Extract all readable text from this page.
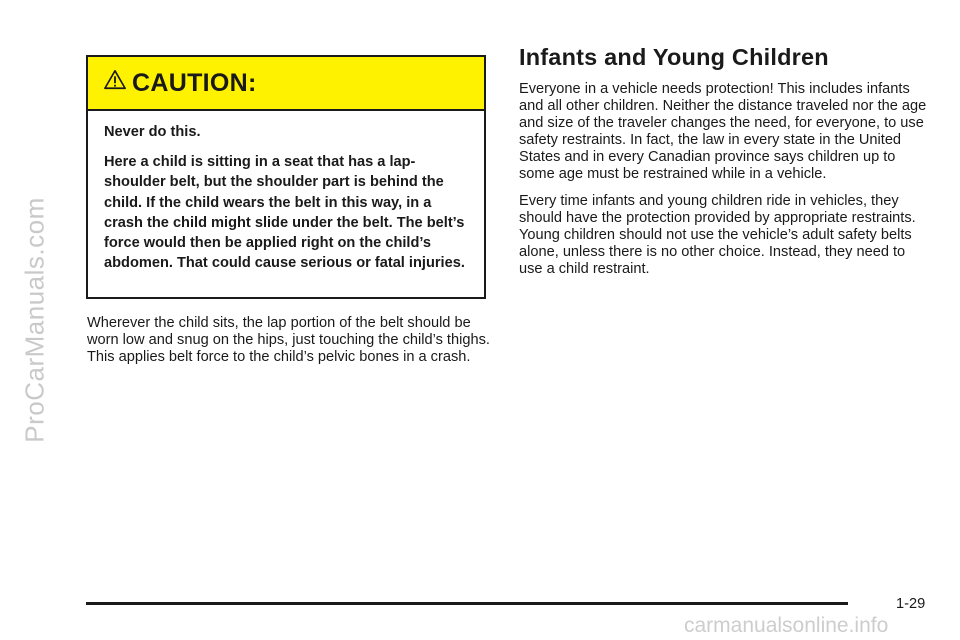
ProCarManuals.com
CAUTION:

Never do this.

Here a child is sitting in a seat that has a lap-shoulder belt, but the shoulder part is behind the child. If the child wears the belt in this way, in a crash the child might slide under the belt. The belt’s force would then be applied right on the child’s abdomen. That could cause serious or fatal injuries.

Wherever the child sits, the lap portion of the belt should be worn low and snug on the hips, just touching the child’s thighs. This applies belt force to the child’s pelvic bones in a crash.

Infants and Young Children

Everyone in a vehicle needs protection! This includes infants and all other children. Neither the distance traveled nor the age and size of the traveler changes the need, for everyone, to use safety restraints. In fact, the law in every state in the United States and in every Canadian province says children up to some age must be restrained while in a vehicle.

Every time infants and young children ride in vehicles, they should have the protection provided by appropriate restraints. Young children should not use the vehicle’s adult safety belts alone, unless there is no other choice. Instead, they need to use a child restraint.

1-29
carmanualsonline.info
